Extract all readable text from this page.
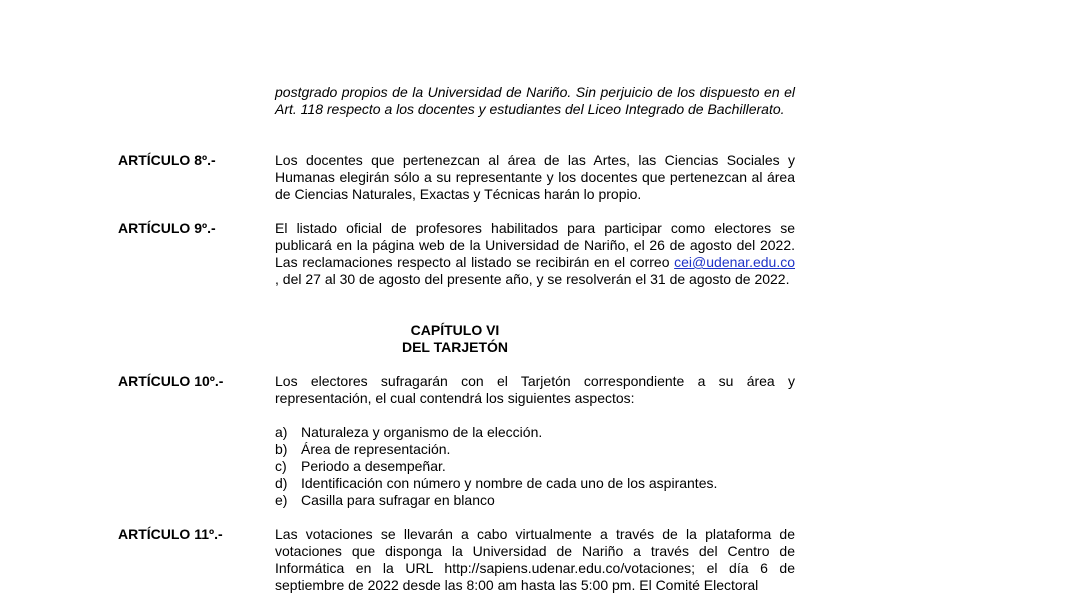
postgrado propios de la Universidad de Nariño. Sin perjuicio de los dispuesto en el Art. 118 respecto a los docentes y estudiantes del Liceo Integrado de Bachillerato.

ARTÍCULO 8º.-	Los docentes que pertenezcan al área de las Artes, las Ciencias Sociales y Humanas elegirán sólo a su representante y los docentes que pertenezcan al área de Ciencias Naturales, Exactas y Técnicas harán lo propio.

ARTÍCULO 9º.-	El listado oficial de profesores habilitados para participar como electores se publicará en la página web de la Universidad de Nariño, el 26 de agosto del 2022. Las reclamaciones respecto al listado se recibirán en el correo cei@udenar.edu.co , del 27 al 30 de agosto del presente año, y se resolverán el 31 de agosto de 2022.

CAPÍTULO VI
DEL TARJETÓN
ARTÍCULO 10º.-	Los electores sufragarán con el Tarjetón correspondiente a su área y representación, el cual contendrá los siguientes aspectos:

a) Naturaleza y organismo de la elección.
b) Área de representación.
c)	Periodo a desempeñar.
d) Identificación con número y nombre de cada uno de los aspirantes.
e) Casilla para sufragar en blanco
ARTÍCULO 11º.-	Las votaciones se llevarán a cabo virtualmente a través de la plataforma de votaciones que disponga la Universidad de Nariño a través del Centro de Informática en la URL http://sapiens.udenar.edu.co/votaciones; el día 6 de septiembre de 2022 desde las 8:00 am hasta las 5:00 pm. El Comité Electoral
